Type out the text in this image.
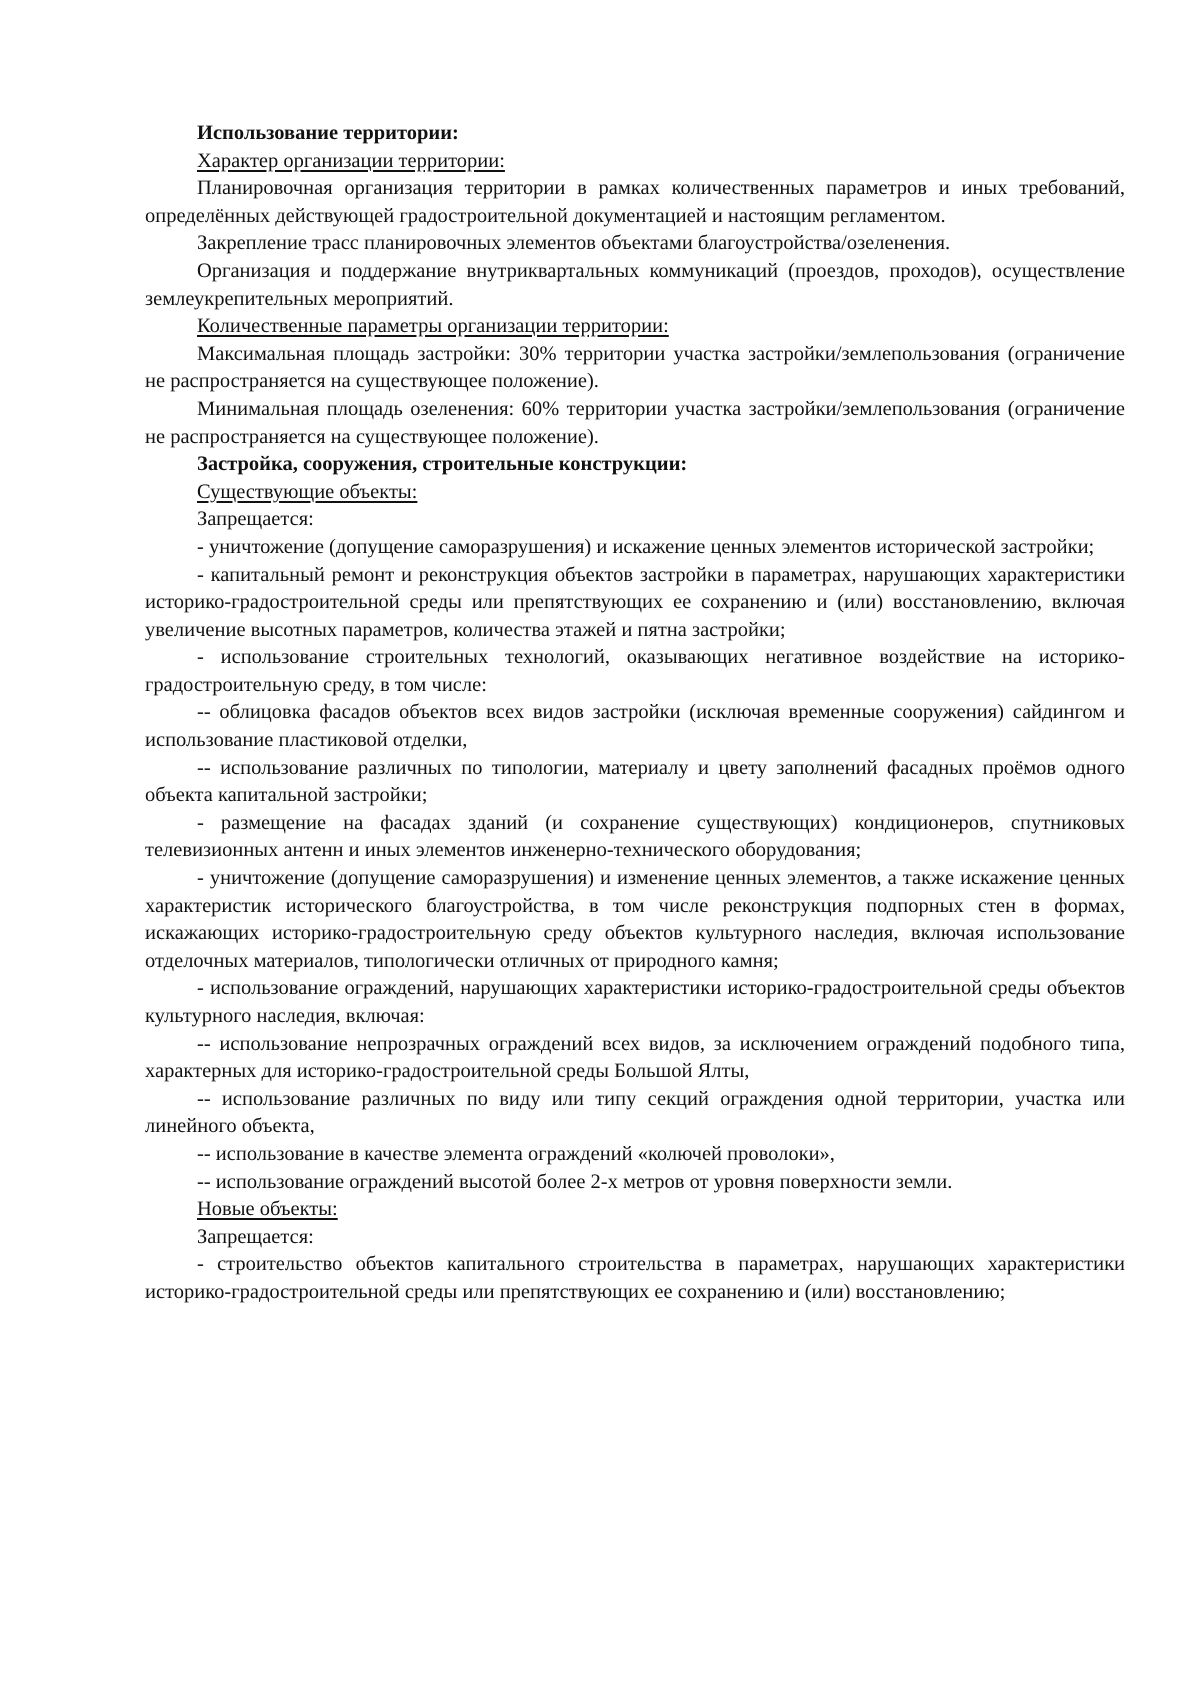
Использование территории:

Характер организации территории:

Планировочная организация территории в рамках количественных параметров и иных требований, определённых действующей градостроительной документацией и настоящим регламентом.

Закрепление трасс планировочных элементов объектами благоустройства/озеленения.

Организация и поддержание внутриквартальных коммуникаций (проездов, проходов), осуществление землеукрепительных мероприятий.

Количественные параметры организации территории:

Максимальная площадь застройки: 30% территории участка застройки/землепользования (ограничение не распространяется на существующее положение).

Минимальная площадь озеленения: 60% территории участка застройки/землепользования (ограничение не распространяется на существующее положение).

Застройка, сооружения, строительные конструкции:

Существующие объекты:

Запрещается:

- уничтожение (допущение саморазрушения) и искажение ценных элементов исторической застройки;

- капитальный ремонт и реконструкция объектов застройки в параметрах, нарушающих характеристики историко-градостроительной среды или препятствующих ее сохранению и (или) восстановлению, включая увеличение высотных параметров, количества этажей и пятна застройки;

- использование строительных технологий, оказывающих негативное воздействие на историко-градостроительную среду, в том числе:

-- облицовка фасадов объектов всех видов застройки (исключая временные сооружения) сайдингом и использование пластиковой отделки,

-- использование различных по типологии, материалу и цвету заполнений фасадных проёмов одного объекта капитальной застройки;

- размещение на фасадах зданий (и сохранение существующих) кондиционеров, спутниковых телевизионных антенн и иных элементов инженерно-технического оборудования;

- уничтожение (допущение саморазрушения) и изменение ценных элементов, а также искажение ценных характеристик исторического благоустройства, в том числе реконструкция подпорных стен в формах, искажающих историко-градостроительную среду объектов культурного наследия, включая использование отделочных материалов, типологически отличных от природного камня;

- использование ограждений, нарушающих характеристики историко-градостроительной среды объектов культурного наследия, включая:

-- использование непрозрачных ограждений всех видов, за исключением ограждений подобного типа, характерных для историко-градостроительной среды Большой Ялты,

-- использование различных по виду или типу секций ограждения одной территории, участка или линейного объекта,

-- использование в качестве элемента ограждений «колючей проволоки»,

-- использование ограждений высотой более 2-х метров от уровня поверхности земли.

Новые объекты:

Запрещается:

- строительство объектов капитального строительства в параметрах, нарушающих характеристики историко-градостроительной среды или препятствующих ее сохранению и (или) восстановлению;
